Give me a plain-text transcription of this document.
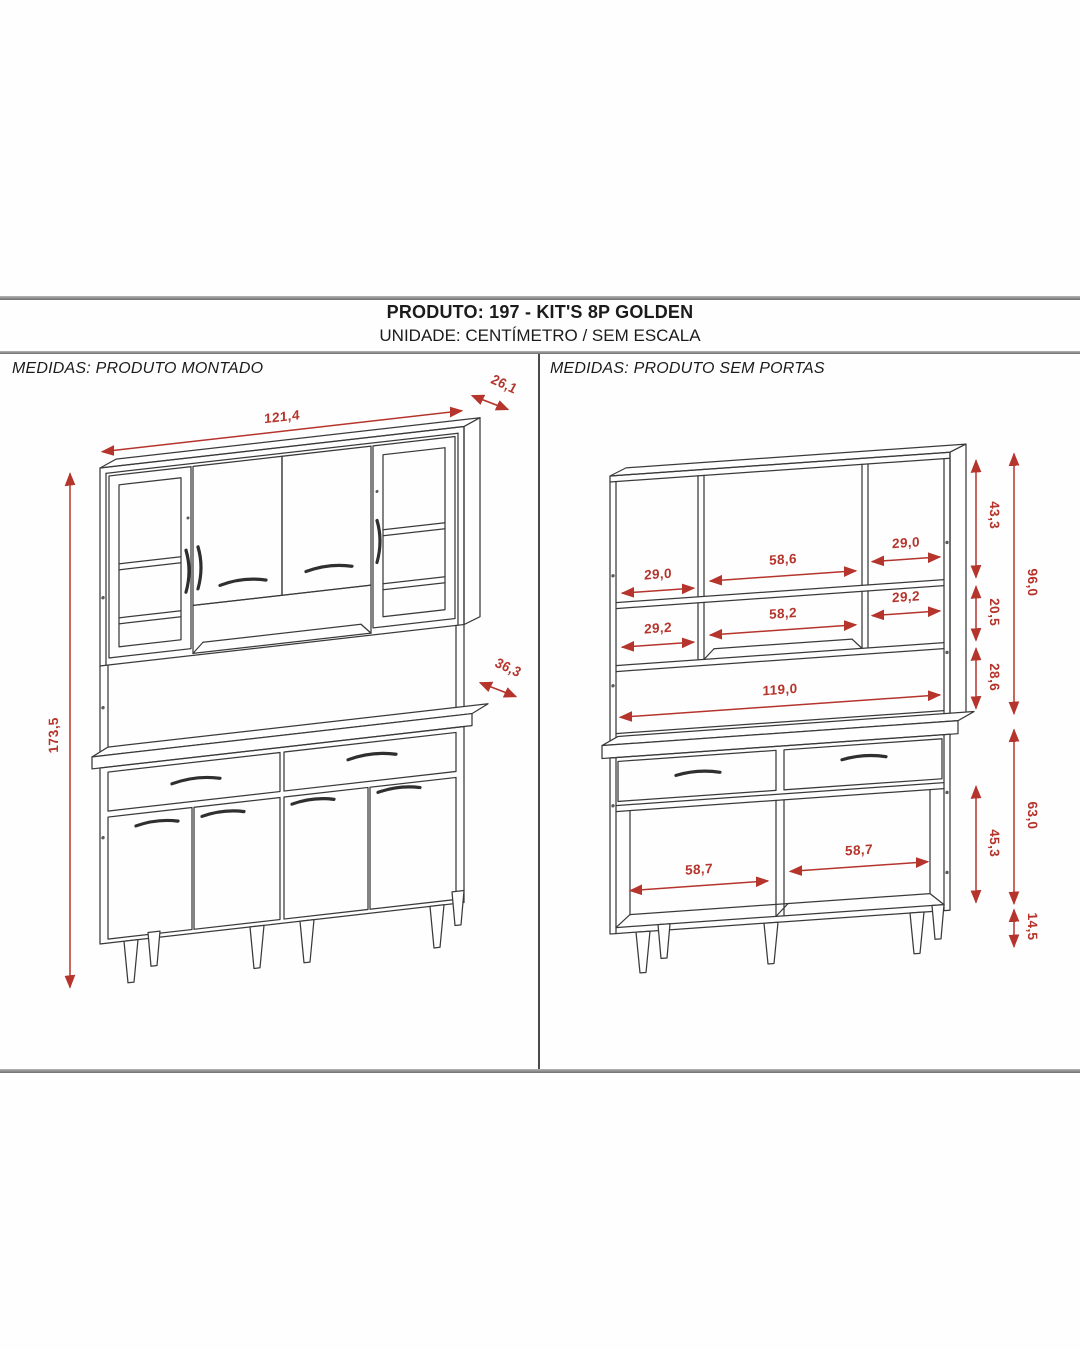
PRODUTO: 197 - KIT'S 8P GOLDEN
UNIDADE: CENTÍMETRO / SEM ESCALA
MEDIDAS: PRODUTO MONTADO	MEDIDAS: PRODUTO SEM PORTAS
121,4
26,1
173,5
36,3
29,0
58,6
29,0
29,2
58,2
29,2
119,0
58,7
58,7
43,3
20,5
28,6
96,0
45,3
63,0
14,5
